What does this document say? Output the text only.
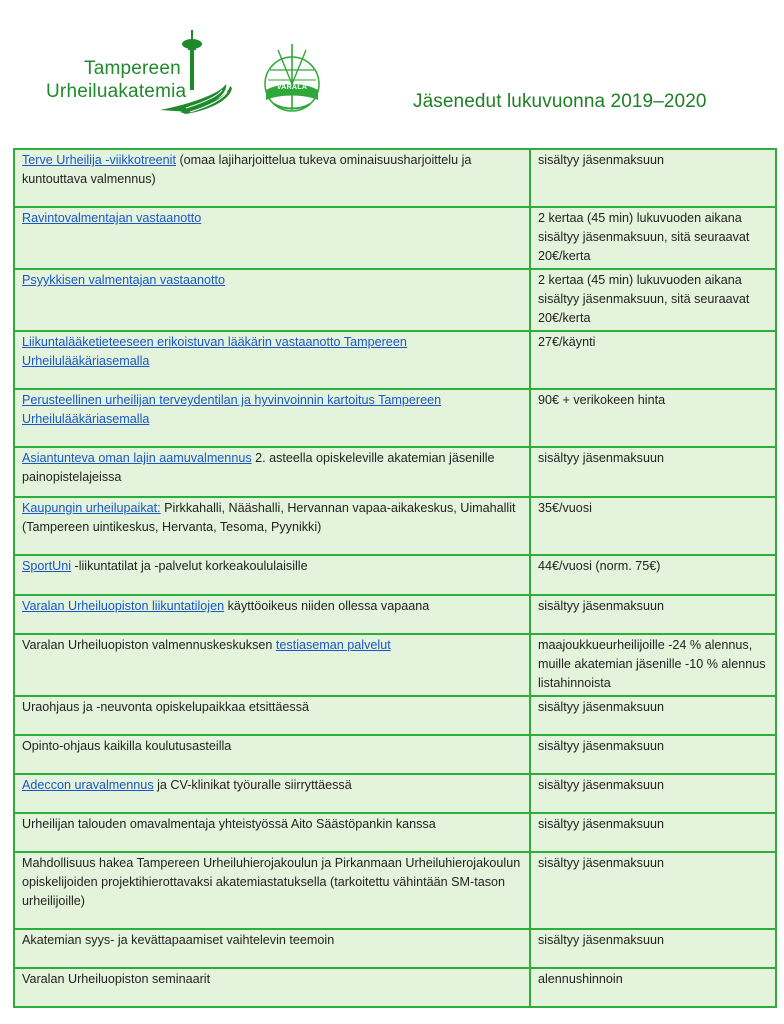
Tampereen
Urheiluakatemia	VARALA
Jäsenedut lukuvuonna 2019–2020
Terve Urheilija -viikkotreenit (omaa lajiharjoittelua tukeva ominaisuusharjoittelu ja kuntouttava valmennus)	sisältyy jäsenmaksuun
Ravintovalmentajan vastaanotto	2 kertaa (45 min) lukuvuoden aikana sisältyy jäsenmaksuun, sitä seuraavat 20€/kerta
Psyykkisen valmentajan vastaanotto	2 kertaa (45 min) lukuvuoden aikana sisältyy jäsenmaksuun, sitä seuraavat 20€/kerta
Liikuntalääketieteeseen erikoistuvan lääkärin vastaanotto Tampereen Urheilulääkäriasemalla	27€/käynti
Perusteellinen urheilijan terveydentilan ja hyvinvoinnin kartoitus Tampereen Urheilulääkäriasemalla	90€ + verikokeen hinta
Asiantunteva oman lajin aamuvalmennus 2. asteella opiskeleville akatemian jäsenille painopistelajeissa	sisältyy jäsenmaksuun
Kaupungin urheilupaikat: Pirkkahalli, Nääshalli, Hervannan vapaa-aikakeskus, Uimahallit (Tampereen uintikeskus, Hervanta, Tesoma, Pyynikki)	35€/vuosi
SportUni -liikuntatilat ja -palvelut korkeakoululaisille	44€/vuosi (norm. 75€)
Varalan Urheiluopiston liikuntatilojen käyttöoikeus niiden ollessa vapaana	sisältyy jäsenmaksuun
Varalan Urheiluopiston valmennuskeskuksen testiaseman palvelut	maajoukkueurheilijoille -24 % alennus, muille akatemian jäsenille -10 % alennus listahinnoista
Uraohjaus ja -neuvonta opiskelupaikkaa etsittäessä	sisältyy jäsenmaksuun
Opinto-ohjaus kaikilla koulutusasteilla	sisältyy jäsenmaksuun
Adeccon uravalmennus ja CV-klinikat työuralle siirryttäessä	sisältyy jäsenmaksuun
Urheilijan talouden omavalmentaja yhteistyössä Aito Säästöpankin kanssa	sisältyy jäsenmaksuun
Mahdollisuus hakea Tampereen Urheiluhierojakoulun ja Pirkanmaan Urheiluhierojakoulun opiskelijoiden projektihierottavaksi akatemiastatuksella (tarkoitettu vähintään SM-tason urheilijoille)	sisältyy jäsenmaksuun
Akatemian syys- ja kevättapaamiset vaihtelevin teemoin	sisältyy jäsenmaksuun
Varalan Urheiluopiston seminaarit	alennushinnoin
